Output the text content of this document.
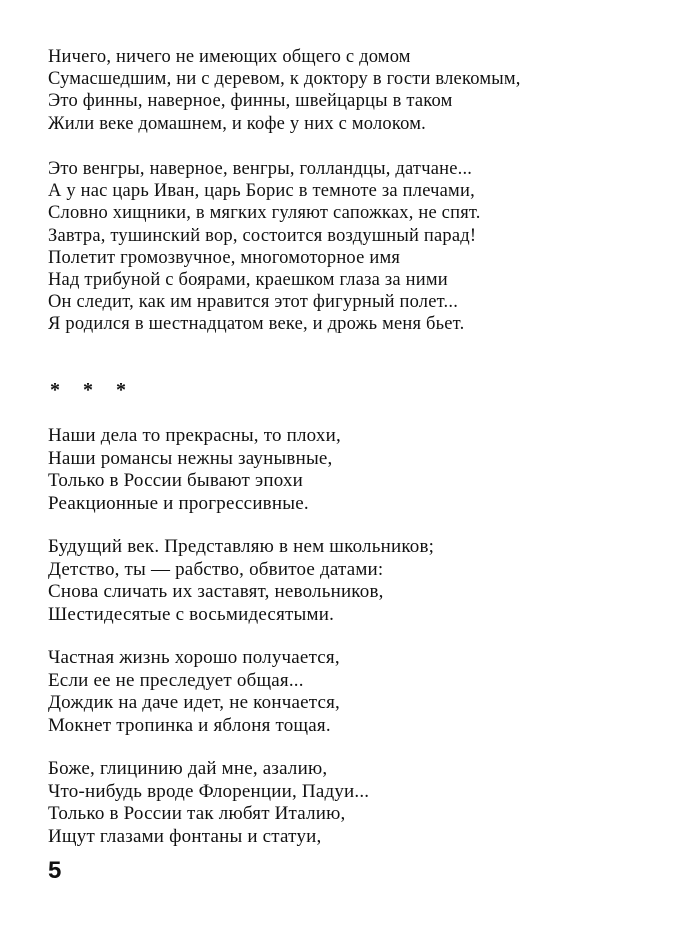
Ничего, ничего не имеющих общего с домом
Сумасшедшим, ни с деревом, к доктору в гости влекомым,
Это финны, наверное, финны, швейцарцы в таком
Жили веке домашнем, и кофе у них с молоком.
Это венгры, наверное, венгры, голландцы, датчане...
А у нас царь Иван, царь Борис в темноте за плечами,
Словно хищники, в мягких гуляют сапожках, не спят.
Завтра, тушинский вор, состоится воздушный парад!
Полетит громозвучное, многомоторное имя
Над трибуной с боярами, краешком глаза за ними
Он следит, как им нравится этот фигурный полет...
Я родился в шестнадцатом веке, и дрожь меня бьет.
* * *
Наши дела то прекрасны, то плохи,
Наши романсы нежны заунывные,
Только в России бывают эпохи
Реакционные и прогрессивные.
Будущий век. Представляю в нем школьников;
Детство, ты — рабство, обвитое датами:
Снова сличать их заставят, невольников,
Шестидесятые с восьмидесятыми.
Частная жизнь хорошо получается,
Если ее не преследует общая...
Дождик на даче идет, не кончается,
Мокнет тропинка и яблоня тощая.
Боже, глицинию дай мне, азалию,
Что-нибудь вроде Флоренции, Падуи...
Только в России так любят Италию,
Ищут глазами фонтаны и статуи,
5
